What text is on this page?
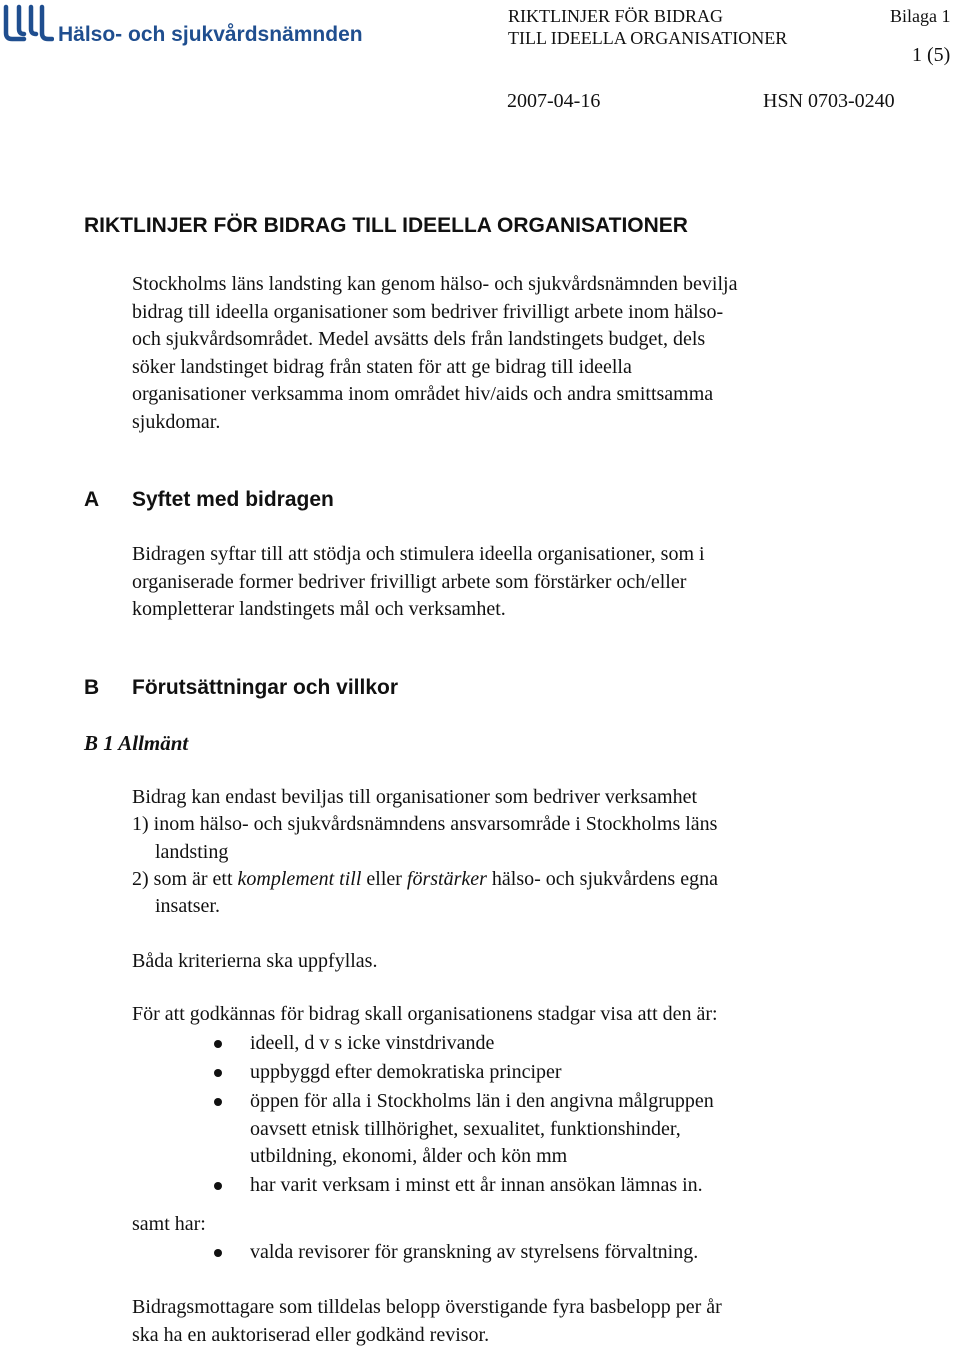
Hälso- och sjukvårdsnämnden
RIKTLINJER FÖR BIDRAG
TILL IDEELLA ORGANISATIONER
Bilaga 1
1 (5)
2007-04-16	HSN 0703-0240
RIKTLINJER FÖR BIDRAG TILL IDEELLA ORGANISATIONER
Stockholms läns landsting kan genom hälso- och sjukvårdsnämnden bevilja
bidrag till ideella organisationer som bedriver frivilligt arbete inom hälso-
och sjukvårdsområdet. Medel avsätts dels från landstingets budget, dels
söker landstinget bidrag från staten för att ge bidrag till ideella
organisationer verksamma inom området hiv/aids och andra smittsamma
sjukdomar.
A Syftet med bidragen
Bidragen syftar till att stödja och stimulera ideella organisationer, som i
organiserade former bedriver frivilligt arbete som förstärker och/eller
kompletterar landstingets mål och verksamhet.
B Förutsättningar och villkor
B 1 Allmänt
Bidrag kan endast beviljas till organisationer som bedriver verksamhet
1) inom hälso- och sjukvårdsnämndens ansvarsområde i Stockholms läns
landsting
2) som är ett komplement till eller förstärker hälso- och sjukvårdens egna
insatser.
Båda kriterierna ska uppfyllas.
För att godkännas för bidrag skall organisationens stadgar visa att den är:
ideell, d v s icke vinstdrivande
uppbyggd efter demokratiska principer
öppen för alla i Stockholms län i den angivna målgruppen
oavsett etnisk tillhörighet, sexualitet, funktionshinder,
utbildning, ekonomi, ålder och kön mm
har varit verksam i minst ett år innan ansökan lämnas in.
samt har:
valda revisorer för granskning av styrelsens förvaltning.
Bidragsmottagare som tilldelas belopp överstigande fyra basbelopp per år
ska ha en auktoriserad eller godkänd revisor.
